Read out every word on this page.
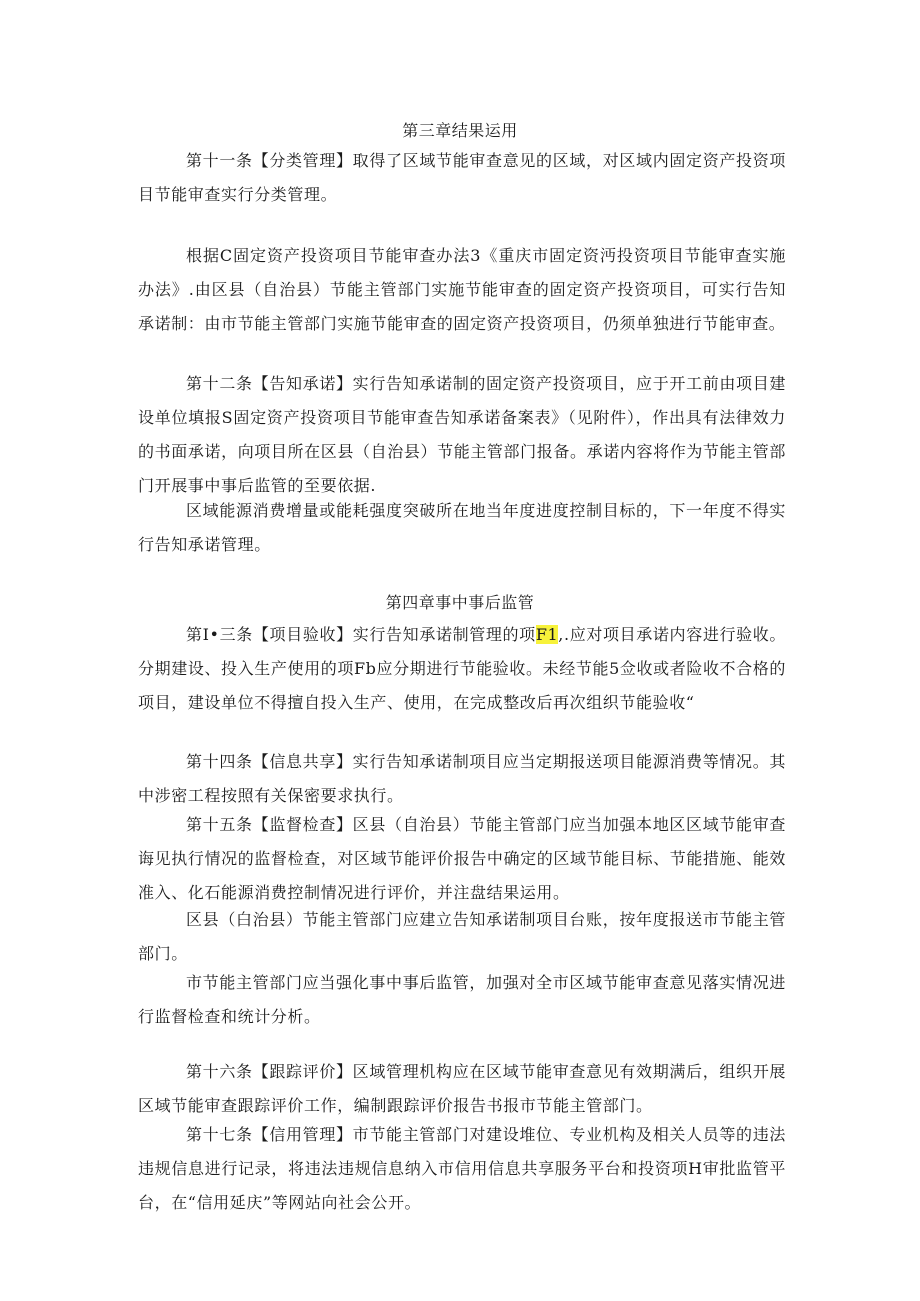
第三章结果运用
第十一条【分类管理】取得了区域节能审查意见的区域，对区域内固定资产投资项目节能审查实行分类管理。
根据C固定资产投资项目节能审查办法3《重庆市固定资沔投资项目节能审查实施办法》.由区县（自治县）节能主管部门实施节能审查的固定资产投资项目，可实行告知承诺制：由市节能主管部门实施节能审查的固定资产投资项目，仍须单独进行节能审查。
第十二条【告知承诺】实行告知承诺制的固定资产投资项目，应于开工前由项目建设单位填报S固定资产投资项目节能审查告知承诺备案表》（见附件），作出具有法律效力的书面承诺，向项目所在区县（自治县）节能主管部门报备。承诺内容将作为节能主管部门开展事中事后监管的至要依据.
区域能源消费增量或能耗强度突破所在地当年度进度控制目标的，下一年度不得实行告知承诺管理。
第四章事中事后监管
第I•三条【项目验收】实行告知承诺制管理的项F1,.应对项目承诺内容进行验收。分期建设、投入生产使用的项Fb应分期进行节能验收。未经节能5佥收或者险收不合格的项目，建设单位不得擅自投入生产、使用，在完成整改后再次组织节能验收“
第十四条【信息共享】实行告知承诺制项目应当定期报送项目能源消费等情况。其中涉密工程按照有关保密要求执行。
第十五条【监督检查】区县（自治县）节能主管部门应当加强本地区区域节能审查诲见执行情况的监督检查，对区域节能评价报告中确定的区域节能目标、节能措施、能效准入、化石能源消费控制情况进行评价，并注盘结果运用。
区县（白治县）节能主管部门应建立告知承诺制项目台账，按年度报送市节能主管部门。
市节能主管部门应当强化事中事后监管，加强对全市区域节能审查意见落实情况进行监督检查和统计分析。
第十六条【跟踪评价】区域管理机构应在区域节能审查意见有效期满后，组织开展区域节能审查跟踪评价工作，编制跟踪评价报告书报市节能主管部门。
第十七条【信用管理】市节能主管部门对建设堆位、专业机构及相关人员等的违法违规信息进行记录，将违法违规信息纳入市信用信息共享服务平台和投资项H审批监管平台，在“信用延庆”等网站向社会公开。
